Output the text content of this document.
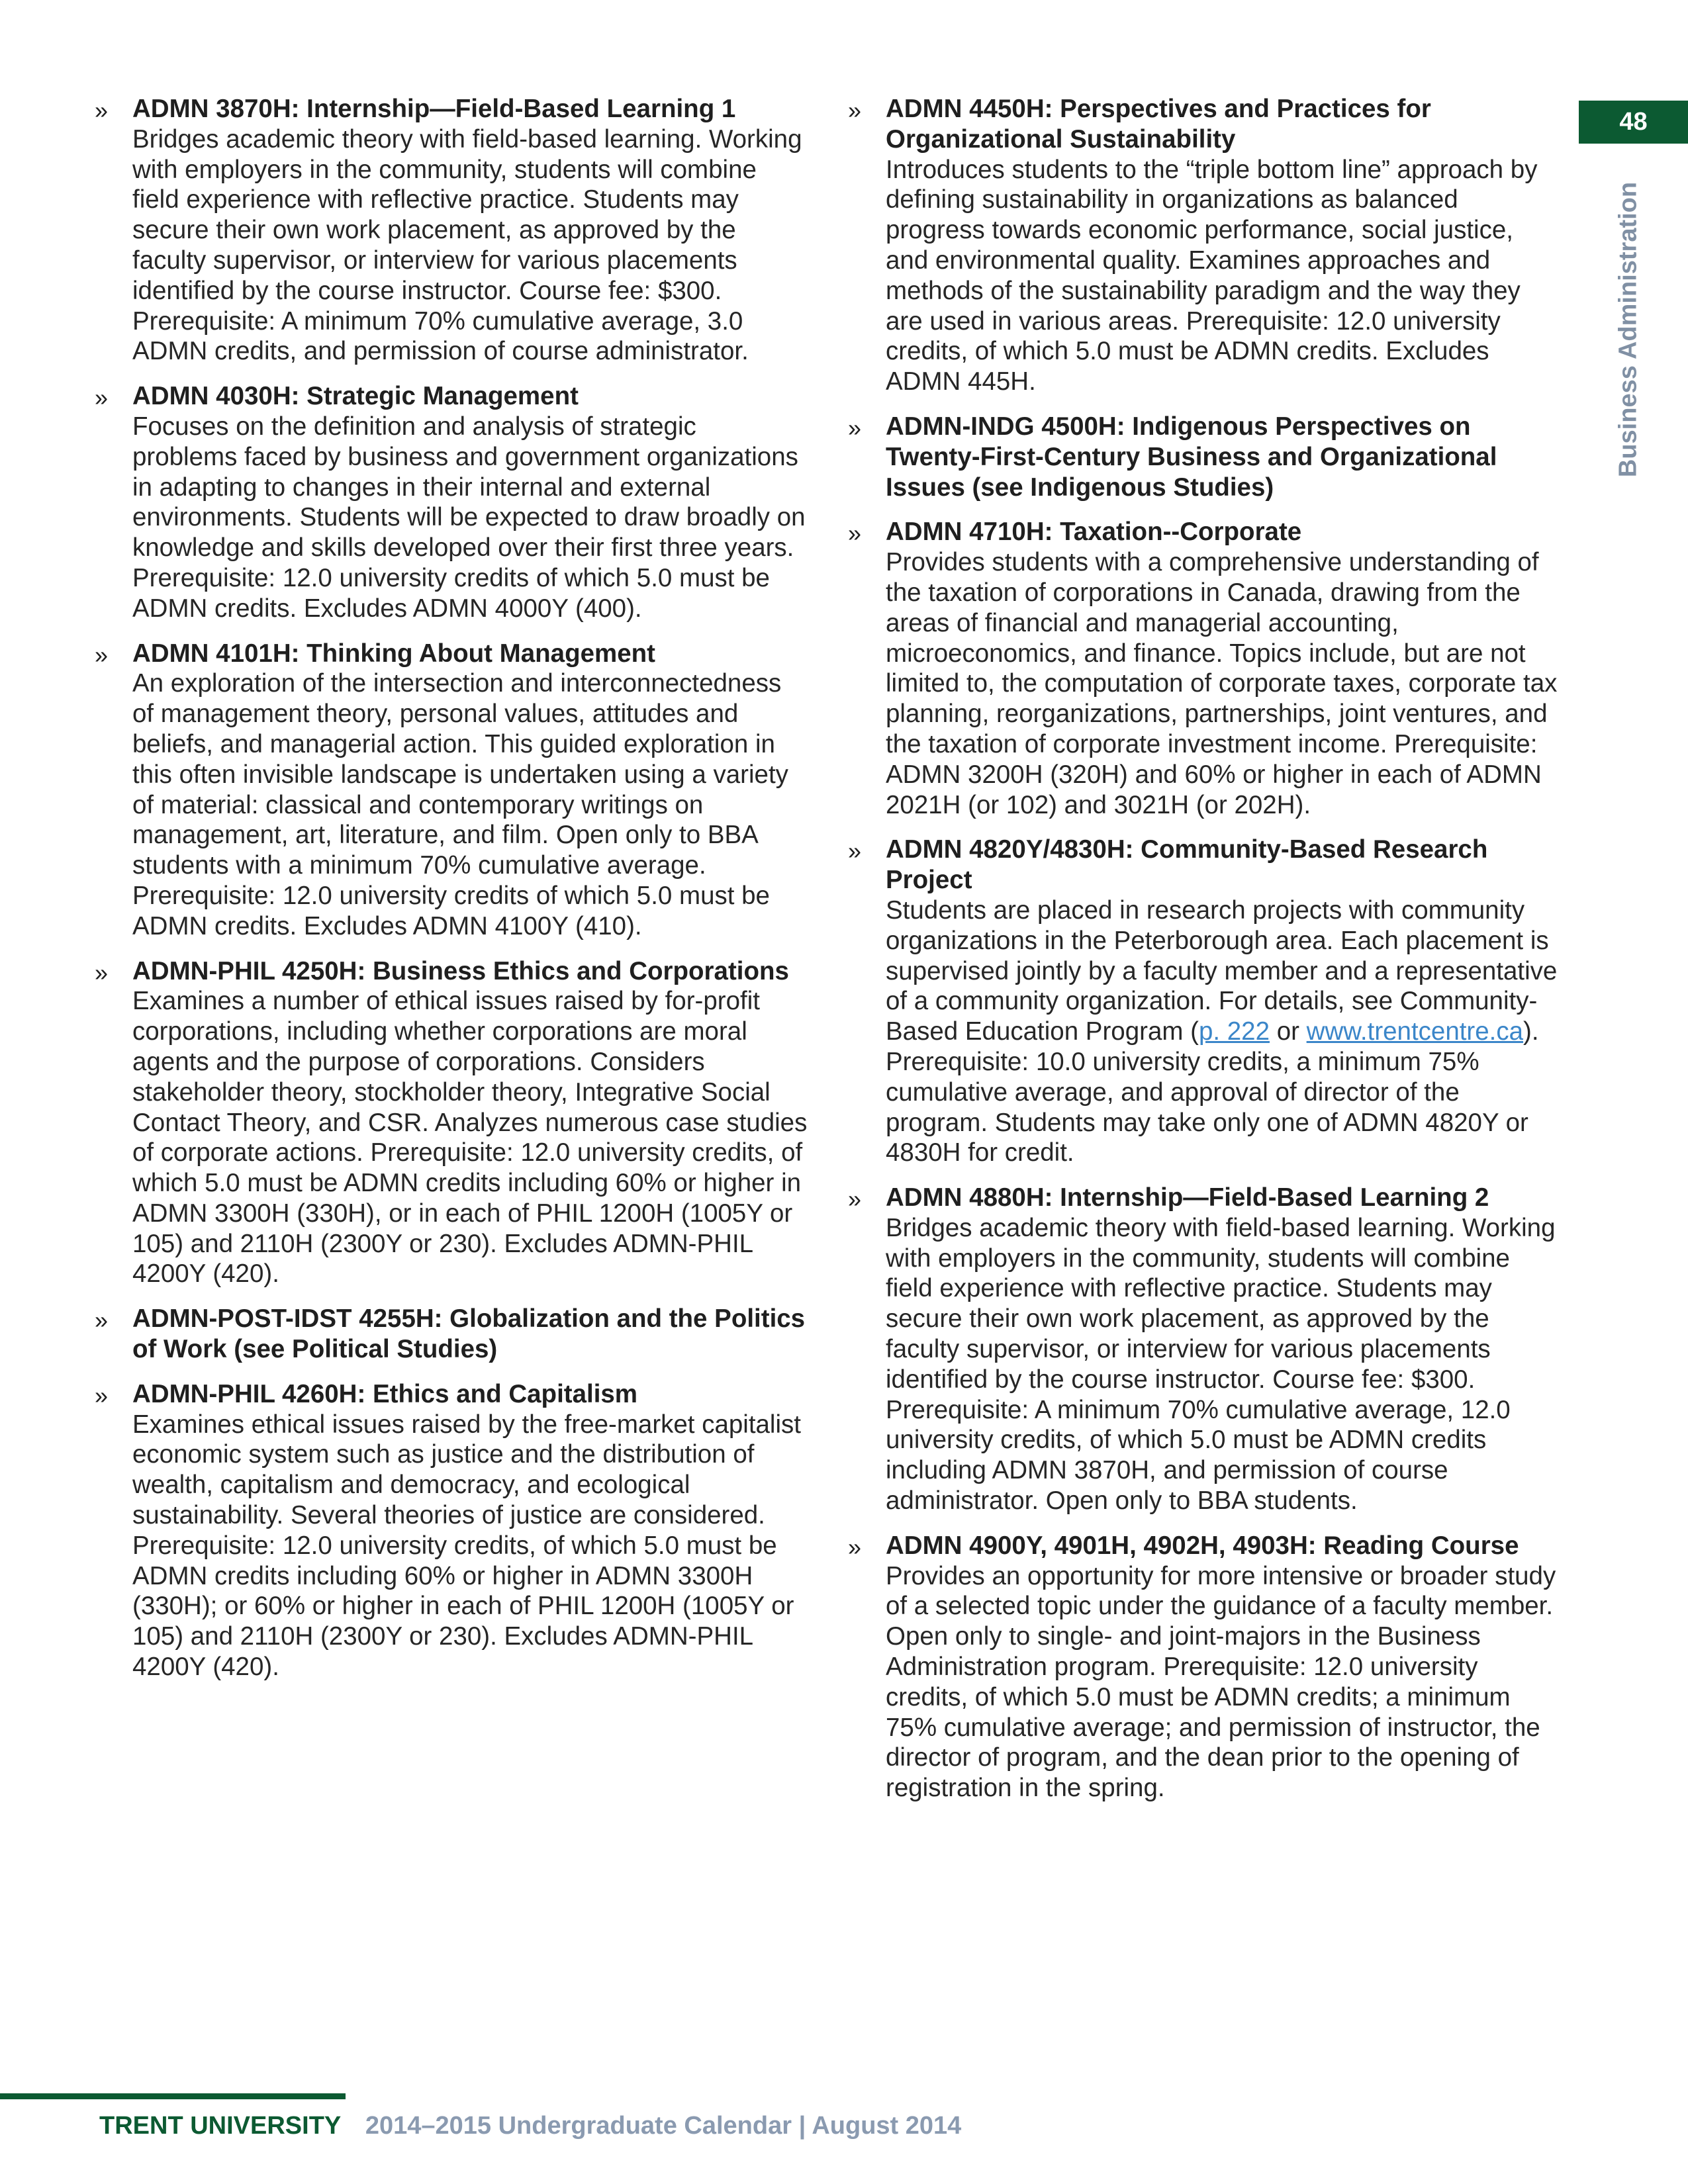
» ADMN 3870H: Internship—Field-Based Learning 1
Bridges academic theory with field-based learning. Working with employers in the community, students will combine field experience with reflective practice. Students may secure their own work placement, as approved by the faculty supervisor, or interview for various placements identified by the course instructor. Course fee: $300. Prerequisite: A minimum 70% cumulative average, 3.0 ADMN credits, and permission of course administrator.
» ADMN 4030H: Strategic Management
Focuses on the definition and analysis of strategic problems faced by business and government organizations in adapting to changes in their internal and external environments. Students will be expected to draw broadly on knowledge and skills developed over their first three years. Prerequisite: 12.0 university credits of which 5.0 must be ADMN credits. Excludes ADMN 4000Y (400).
» ADMN 4101H: Thinking About Management
An exploration of the intersection and interconnectedness of management theory, personal values, attitudes and beliefs, and managerial action. This guided exploration in this often invisible landscape is undertaken using a variety of material: classical and contemporary writings on management, art, literature, and film. Open only to BBA students with a minimum 70% cumulative average. Prerequisite: 12.0 university credits of which 5.0 must be ADMN credits. Excludes ADMN 4100Y (410).
» ADMN-PHIL 4250H: Business Ethics and Corporations
Examines a number of ethical issues raised by for-profit corporations, including whether corporations are moral agents and the purpose of corporations. Considers stakeholder theory, stockholder theory, Integrative Social Contact Theory, and CSR. Analyzes numerous case studies of corporate actions. Prerequisite: 12.0 university credits, of which 5.0 must be ADMN credits including 60% or higher in ADMN 3300H (330H), or in each of PHIL 1200H (1005Y or 105) and 2110H (2300Y or 230). Excludes ADMN-PHIL 4200Y (420).
» ADMN-POST-IDST 4255H: Globalization and the Politics of Work (see Political Studies)
» ADMN-PHIL 4260H: Ethics and Capitalism
Examines ethical issues raised by the free-market capitalist economic system such as justice and the distribution of wealth, capitalism and democracy, and ecological sustainability. Several theories of justice are considered. Prerequisite: 12.0 university credits, of which 5.0 must be ADMN credits including 60% or higher in ADMN 3300H (330H); or 60% or higher in each of PHIL 1200H (1005Y or 105) and 2110H (2300Y or 230). Excludes ADMN-PHIL 4200Y (420).
» ADMN 4450H: Perspectives and Practices for Organizational Sustainability
Introduces students to the “triple bottom line” approach by defining sustainability in organizations as balanced progress towards economic performance, social justice, and environmental quality. Examines approaches and methods of the sustainability paradigm and the way they are used in various areas. Prerequisite: 12.0 university credits, of which 5.0 must be ADMN credits. Excludes ADMN 445H.
» ADMN-INDG 4500H: Indigenous Perspectives on Twenty-First-Century Business and Organizational Issues (see Indigenous Studies)
» ADMN 4710H: Taxation--Corporate
Provides students with a comprehensive understanding of the taxation of corporations in Canada, drawing from the areas of financial and managerial accounting, microeconomics, and finance. Topics include, but are not limited to, the computation of corporate taxes, corporate tax planning, reorganizations, partnerships, joint ventures, and the taxation of corporate investment income. Prerequisite: ADMN 3200H (320H) and 60% or higher in each of ADMN 2021H (or 102) and 3021H (or 202H).
» ADMN 4820Y/4830H: Community-Based Research Project
Students are placed in research projects with community organizations in the Peterborough area. Each placement is supervised jointly by a faculty member and a representative of a community organization. For details, see Community-Based Education Program (p. 222 or www.trentcentre.ca). Prerequisite: 10.0 university credits, a minimum 75% cumulative average, and approval of director of the program. Students may take only one of ADMN 4820Y or 4830H for credit.
» ADMN 4880H: Internship—Field-Based Learning 2
Bridges academic theory with field-based learning. Working with employers in the community, students will combine field experience with reflective practice. Students may secure their own work placement, as approved by the faculty supervisor, or interview for various placements identified by the course instructor. Course fee: $300. Prerequisite: A minimum 70% cumulative average, 12.0 university credits, of which 5.0 must be ADMN credits including ADMN 3870H, and permission of course administrator. Open only to BBA students.
» ADMN 4900Y, 4901H, 4902H, 4903H: Reading Course
Provides an opportunity for more intensive or broader study of a selected topic under the guidance of a faculty member. Open only to single- and joint-majors in the Business Administration program. Prerequisite: 12.0 university credits, of which 5.0 must be ADMN credits; a minimum 75% cumulative average; and permission of instructor, the director of program, and the dean prior to the opening of registration in the spring.
48
Business Administration
TRENT UNIVERSITY 2014–2015 Undergraduate Calendar | August 2014
